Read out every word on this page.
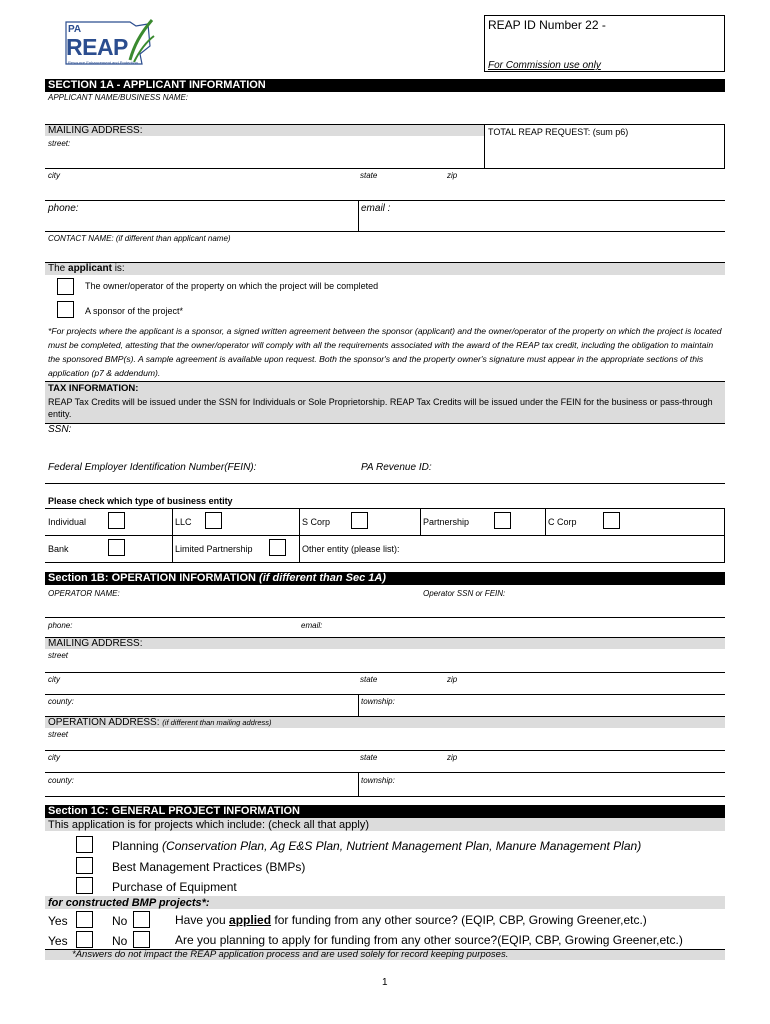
PA
REAP
Resource Enhancement and Protection
REAP ID Number 22 -
For Commission use only
SECTION 1A - APPLICANT INFORMATION
APPLICANT NAME/BUSINESS NAME:
MAILING ADDRESS:
street:
TOTAL REAP REQUEST: (sum p6)
city	state	zip
phone:	email :
CONTACT NAME: (if different than applicant name)
The applicant is:
The owner/operator of the property on which the project will be completed
A sponsor of the project*
*For projects where the applicant is a sponsor, a signed written agreement between the sponsor (applicant) and the owner/operator of the property on which the project is located must be completed, attesting that the owner/operator will comply with all the requirements associated with the award of the REAP tax credit, including the obligation to maintain the sponsored BMP(s). A sample agreement is available upon request. Both the sponsor's and the property owner's signature must appear in the appropriate sections of this application (p7 & addendum).
TAX INFORMATION:
REAP Tax Credits will be issued under the SSN for Individuals or Sole Proprietorship. REAP Tax Credits will be issued under the FEIN for the business or pass-through entity.
SSN:
Federal Employer Identification Number(FEIN):	PA Revenue ID:
Please check which type of business entity
Individual	LLC	S Corp	Partnership	C Corp
Bank	Limited Partnership	Other entity (please list):
Section 1B: OPERATION INFORMATION (if different than Sec 1A)
OPERATOR NAME:	Operator SSN or FEIN:
phone:	email:
MAILING ADDRESS:
street
city	state	zip
county:	township:
OPERATION ADDRESS: (if different than mailing address)
street
city	state	zip
county:	township:
Section 1C: GENERAL PROJECT INFORMATION
This application is for projects which include: (check all that apply)
Planning (Conservation Plan, Ag E&S Plan, Nutrient Management Plan, Manure Management Plan)
Best Management Practices (BMPs)
Purchase of Equipment
for constructed BMP projects*:
Yes	No	Have you applied for funding from any other source? (EQIP, CBP, Growing Greener,etc.)
Yes	No	Are you planning to apply for funding from any other source?(EQIP, CBP, Growing Greener,etc.)
*Answers do not impact the REAP application process and are used solely for record keeping purposes.
1
